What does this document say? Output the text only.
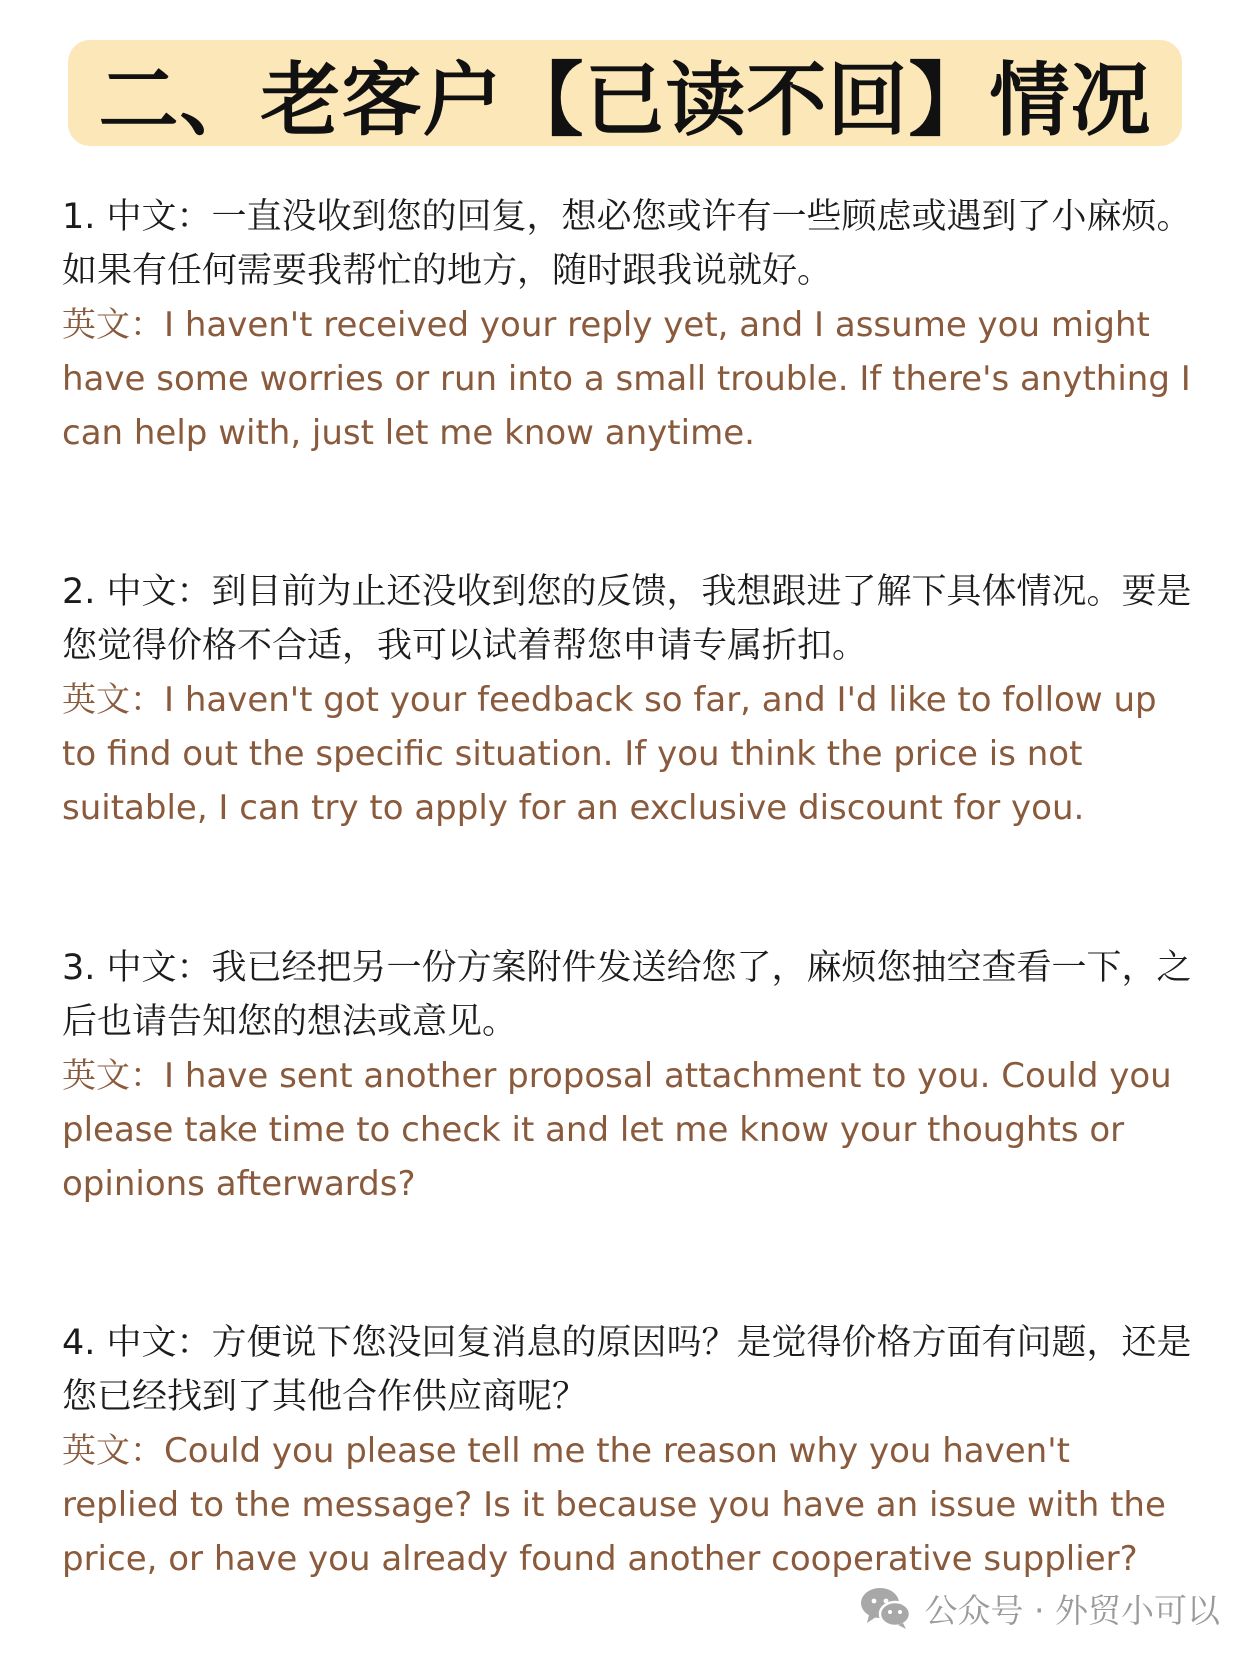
二、老客户【已读不回】情况

1. 中文：一直没收到您的回复，想必您或许有一些顾虑或遇到了小麻烦。如果有任何需要我帮忙的地方，随时跟我说就好。

英文：I haven't received your reply yet, and I assume you might have some worries or run into a small trouble. If there's anything I can help with, just let me know anytime.

2. 中文：到目前为止还没收到您的反馈，我想跟进了解下具体情况。要是您觉得价格不合适，我可以试着帮您申请专属折扣。

英文：I haven't got your feedback so far, and I'd like to follow up to find out the specific situation. If you think the price is not suitable, I can try to apply for an exclusive discount for you.

3. 中文：我已经把另一份方案附件发送给您了，麻烦您抽空查看一下，之后也请告知您的想法或意见。

英文：I have sent another proposal attachment to you. Could you please take time to check it and let me know your thoughts or opinions afterwards?

4. 中文：方便说下您没回复消息的原因吗？是觉得价格方面有问题，还是您已经找到了其他合作供应商呢？

英文：Could you please tell me the reason why you haven't replied to the message? Is it because you have an issue with the price, or have you already found another cooperative supplier?

公众号 · 外贸小可以
